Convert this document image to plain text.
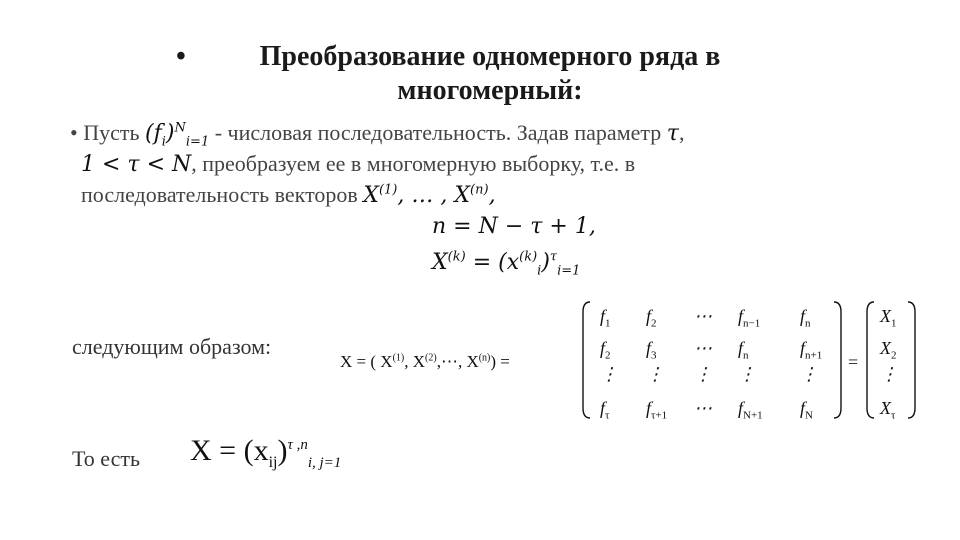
•	Преобразование одномерного ряда в
многомерный:
• Пусть $(f_i)^N_{i=1}$ - числовая последовательность. Задав параметр τ,
1 < τ < N, преобразуем ее в многомерную выборку, т.е. в
последовательность векторов $X^{(1)}$, … , $X^{(n)}$,
n = N − τ + 1,
$X^{(k)} = (x^{(k)}_i)^\tau_{i=1}$
следующим образом:
X = ( $X^{(1)}$, $X^{(2)},\cdots$, $X^{(n)}$) =
$f_1$ $f_2$ ⋯ $f_{n-1}$ $f_n$
$f_2$ $f_3$ ⋯ $f_n$	$f_{n+1}$
⋮ ⋮ ⋮ ⋮ ⋮
$f_\tau$ $f_{\tau+1}$ ⋯ $f_{N+1}$ $f_N$
=
$X_1$
$X_2$
⋮
$X_\tau$
То есть $X = (x_{ij})^{\tau ,n}_{i, j=1}$
